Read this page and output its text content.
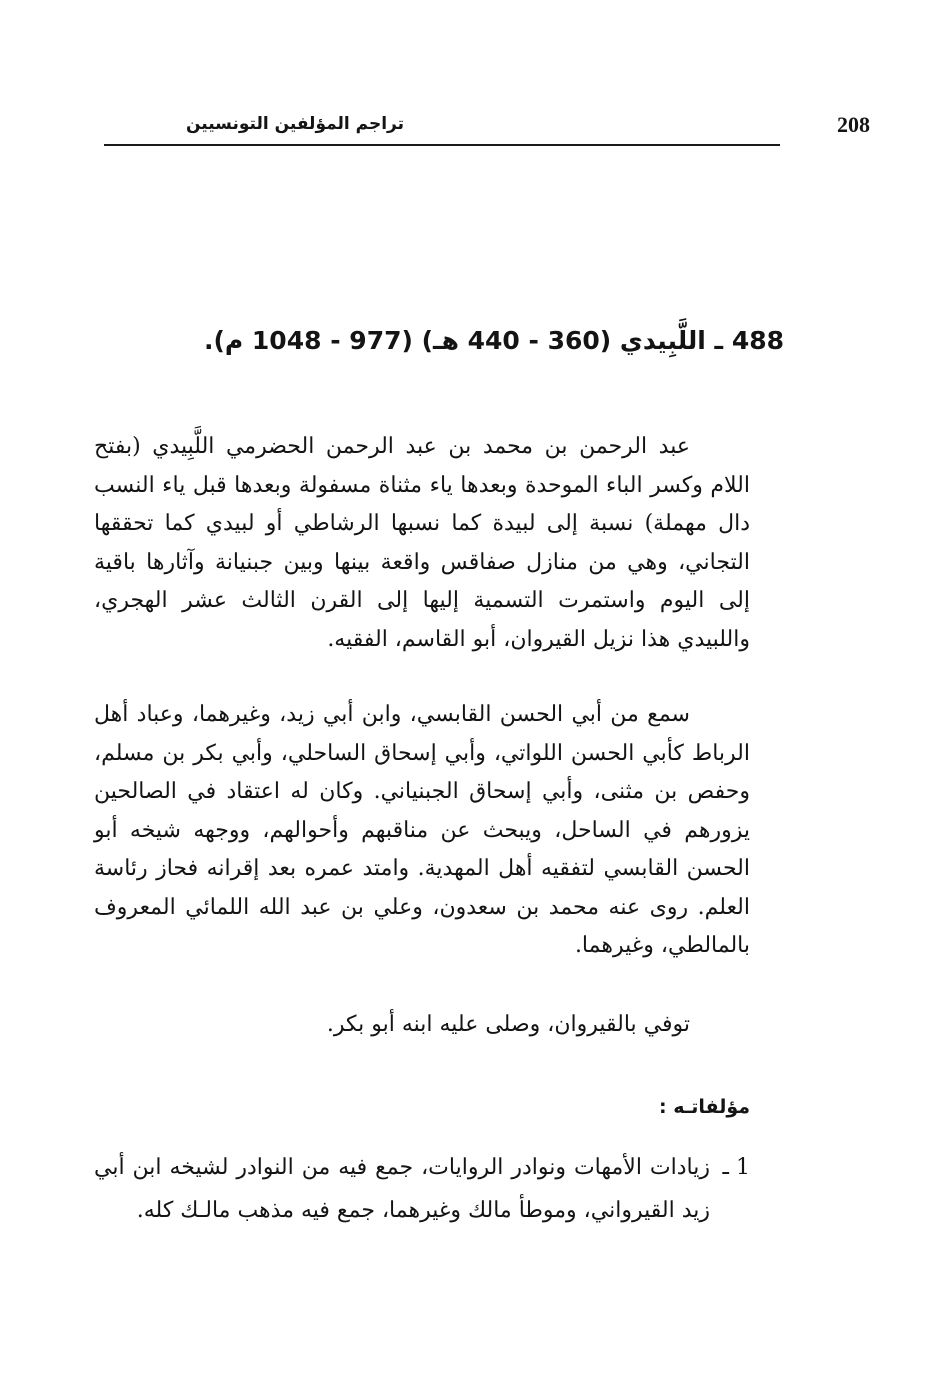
208
تراجم المؤلفين التونسيين
488 ـ اللَّبِيدي (360 - 440 هـ) (977 - 1048 م).
عبد الرحمن بن محمد بن عبد الرحمن الحضرمي اللَّبِيدي (بفتح اللام وكسر الباء الموحدة وبعدها ياء مثناة مسفولة وبعدها قبل ياء النسب دال مهملة) نسبة إلى لبيدة كما نسبها الرشاطي أو لبيدي كما تحققها التجاني، وهي من منازل صفاقس واقعة بينها وبين جبنيانة وآثارها باقية إلى اليوم واستمرت التسمية إليها إلى القرن الثالث عشر الهجري، واللبيدي هذا نزيل القيروان، أبو القاسم، الفقيه.
سمع من أبي الحسن القابسي، وابن أبي زيد، وغيرهما، وعباد أهل الرباط كأبي الحسن اللواتي، وأبي إسحاق الساحلي، وأبي بكر بن مسلم، وحفص بن مثنى، وأبي إسحاق الجبنياني. وكان له اعتقاد في الصالحين يزورهم في الساحل، ويبحث عن مناقبهم وأحوالهم، ووجهه شيخه أبو الحسن القابسي لتفقيه أهل المهدية. وامتد عمره بعد إقرانه فحاز رئاسة العلم. روى عنه محمد بن سعدون، وعلي بن عبد الله اللمائي المعروف بالمالطي، وغيرهما.
توفي بالقيروان، وصلى عليه ابنه أبو بكر.
مؤلفاتـه :
1 ـ
زيادات الأمهات ونوادر الروايات، جمع فيه من النوادر لشيخه ابن أبي زيد القيرواني، وموطأ مالك وغيرهما، جمع فيه مذهب مالـك كله.
